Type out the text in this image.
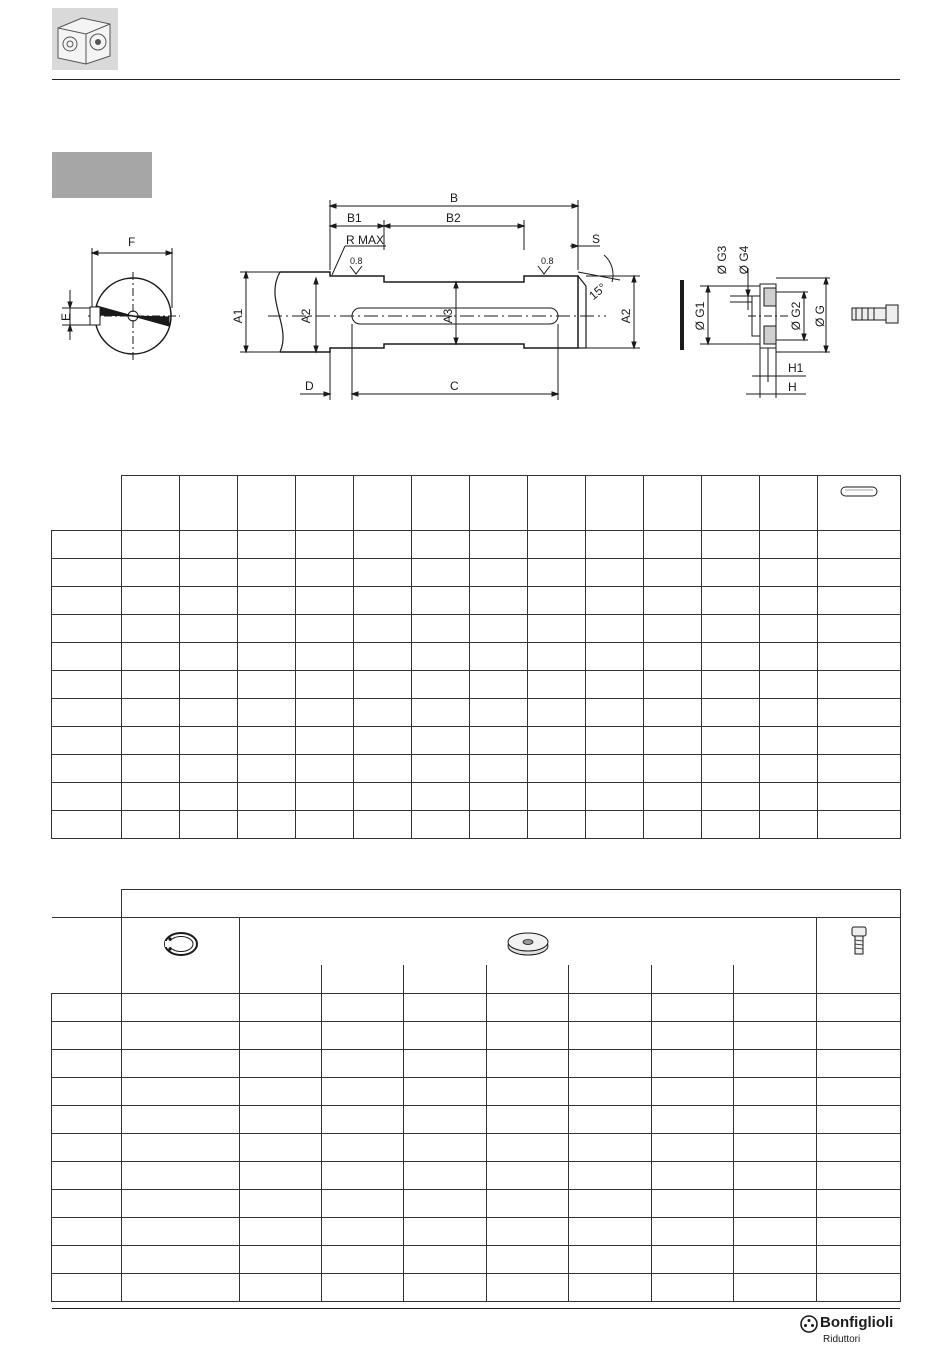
F
E
B
B1	B2
R MAX
0.8	0.8
S
15°
A1	A2	A3	A2
D	C
Ø G1
Ø G3 Ø G4
Ø G2 Ø G
H1
H

Bonfiglioli
Riduttori
